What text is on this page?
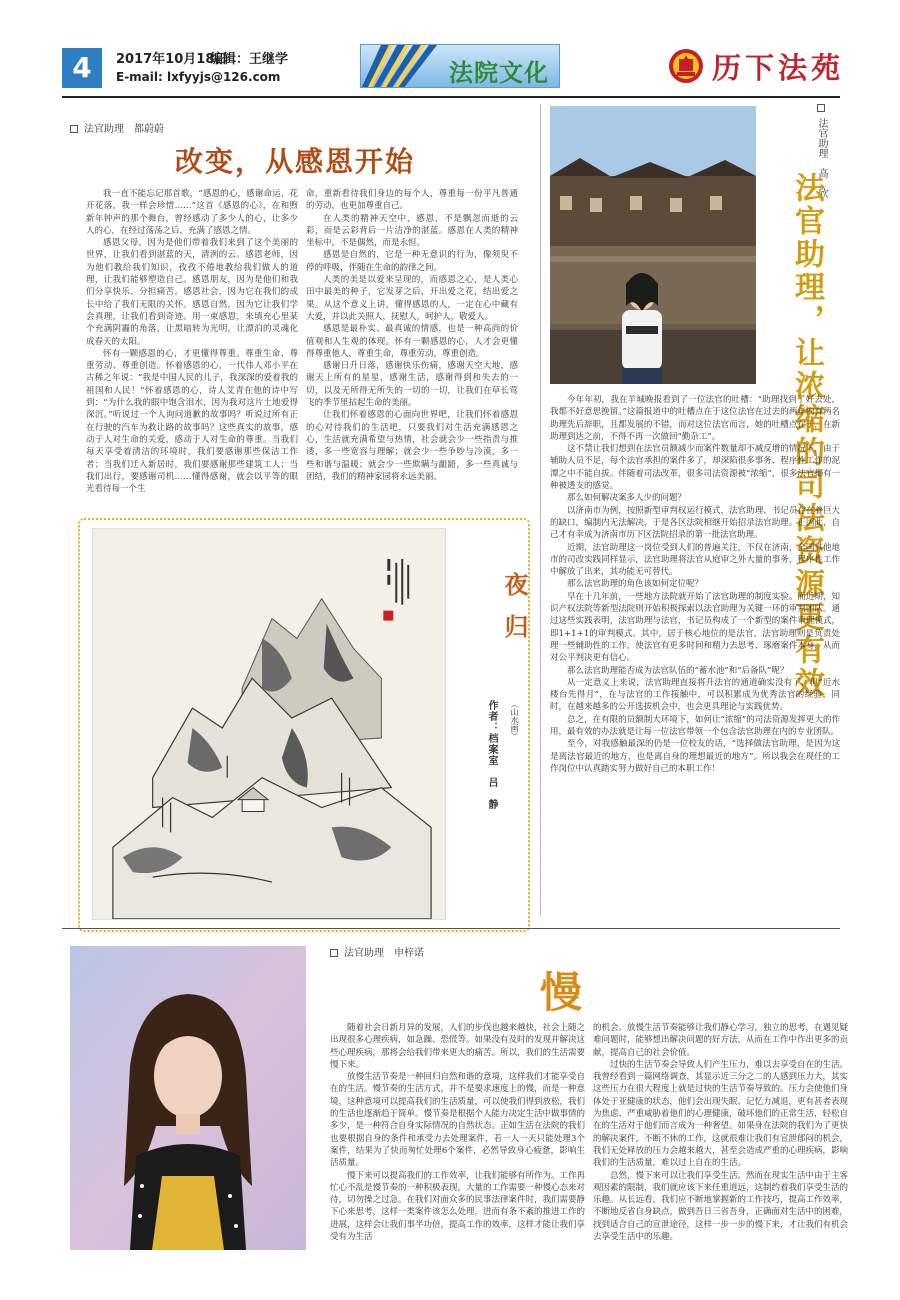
4	2017年10月18日
编辑：王继学
E-mail: lxfyyjs@126.com	法院文化	历下法苑
法官助理　都蔚蔚
改变，从感恩开始

我一直不能忘记那首歌，“感恩的心，感谢命运，花开花落，我一样会珍惜……”这首《感恩的心》，在和煦新年钟声的那个舞台，曾经感动了多少人的心，让多少人的心，在经过荡荡之后，充满了感恩之情。

感恩父母，因为是他们带着我们来到了这个美丽的世界，让我们看到湛蓝的天，清洌的云。感恩老师，因为他们教给我们知识，孜孜不倦地教给我们做人的道理，让我们能够塑造自己。感恩朋友，因为是他们和我们分享快乐、分担痛苦。感恩社会，因为它在我们的成长中给了我们无限的关怀。感恩自然，因为它让我们学会真理，让我们看到奇迹。用一束感恩，来填充心里某个充满阴霾的角落，让黑暗转为光明，让漂泊的灵魂化成春天的太阳。

怀有一颗感恩的心，才更懂得尊重。尊重生命、尊重劳动、尊重创造。怀着感恩的心，一代伟人邓小平在古稀之年说：“我是中国人民的儿子，我深深的爱着我的祖国和人民！”怀着感恩的心，诗人艾青在他的诗中写到：“为什么我的眼中饱含泪水，因为我对这片土地爱得深沉。”听说过一个人询问道歉的故事吗？听说过所有正在行驶的汽车为救让路的故事吗？这些真实的故事，感动于人对生命的关爱，感动于人对生命的尊重。当我们每天享受着清洁的环境时，我们要感谢那些保洁工作者；当我们迁入新居时，我们要感谢那些建筑工人；当我们出行，要感谢司机……懂得感谢，就会以平等的眼光看待每一个生

命，重新看待我们身边的每个人，尊重每一份平凡普通的劳动，也更加尊重自己。

在人类的精神天空中，感恩，不是飘忽而逝的云彩，而是云彩背后一片洁净的湛蓝。感恩在人类的精神坐标中，不是偶然，而是永恒。

感恩是自然的，它是一种无意识的行为，像须臾不停的呼吸，伴随在生命的韵律之间。

人类的美是以爱来呈现的，而感恩之心，是人类心田中最美的种子，它发芽之后，开出爱之花，结出爱之果。从这个意义上讲，懂得感恩的人，一定在心中藏有大爱，并以此关照人，抚慰人，呵护人，敬爱人。

感恩是最朴实、最真诚的情感，也是一种高尚的价值观和人生观的体现。怀有一颗感恩的心，人才会更懂得尊重他人，尊重生命，尊重劳动，尊重创造。

感谢日升日落，感谢快乐伤痛，感谢天空大地，感谢天上所有的星星，感谢生活，感谢得到和失去的一切，以及无所得无所失的一切的一切，让我们在草长莺飞的季节里拈起生命的美丽。

让我们怀着感恩的心面向世界吧，让我们怀着感恩的心对待我们的生活吧，只要我们对生活充满感恩之心，生活就充满希望与热情，社会就会少一些指责与推诿，多一些宽容与理解；就会少一些争吵与冷漠，多一些和谐与温暖；就会少一些欺瞒与龃龉，多一些真诚与团结，我们的精神家园将永远美丽。

夜归
（山水画）
作者：档案室　吕　静
法官助理　高　欣
法官助理，让浓缩的司法资源更有效

今年年初，我在羊城晚报看到了一位法官的吐槽：“助理找到了好去处，我都不好意思挽留。”这篇报道中的吐槽点在于这位法官在过去的两年内有两名助理先后辞职，且都发展的不错，而对这位法官而言，她的吐槽点在于，在新助理到达之前，不得不再一次做回“勤杂工”。

这不禁让我们想到在法官员额减少而案件数量却不减反增的情况下，由于辅助人员不足，每个法官承担的案件多了，却深陷很多事务、程序性工作的泥潭之中不能自拔。伴随着司法改革，很多司法资源被“浓缩”，很多法官都有一种被透支的感觉。

那么如何解决案多人少的问题？

以济南市为例，按照新型审判权运行模式，法官助理、书记员存在着巨大的缺口，编制内无法解决，于是各区法院相继开始招录法官助理。正因此，自己才有幸成为济南市历下区法院招录的第一批法官助理。

近期，法官助理这一岗位受到人们的普遍关注，不仅在济南，全国其他地市的司改实践同样显示，法官助理将法官从庭审之外大量的事务，程序性工作中解放了出来，其功能无可替代。

那么法官助理的角色该如何定位呢？

早在十几年前，一些地方法院就开始了法官助理的制度实验。而近期，知识产权法院等新型法院则开始积极探索以法官助理为关键一环的审判团队。通过这些实践表明，法官助理与法官，书记员构成了一个新型的案件审理模式，即1+1+1的审判模式。其中，居于核心地位的是法官，法官助理则是负责处理一些辅助性的工作，使法官有更多时间和精力去思考、琢磨案件本身，从而对公平判决更有信心。

那么法官助理能否成为法官队伍的“蓄水池”和“后备队”呢？

从一定意义上来说，法官助理直接将升法官的通道确实没有了，但“近水楼台先得月”，在与法官的工作接触中，可以积累成为优秀法官的经验，同时，在越来越多的公开选拔机会中，也会更具理论与实践优势。

总之，在有限的员额制大环境下，如何让“浓缩”的司法资源发挥更大的作用，最有效的办法就是让每一位法官带领一个包含法官助理在内的专业团队。

至今，对我感触最深的仍是一位校友的话，“选择做法官助理，是因为这是离法官最近的地方，也是离自身的理想最近的地方”。所以我会在现任的工作岗位中认真踏实努力做好自己的本职工作！

法官助理　申梓诺
慢

随着社会日新月异的发展，人们的步伐也越来越快，社会上随之出现很多心理疾病，如急躁、恐慌等。如果没有及时的发现并解决这些心理疾病，那将会给我们带来更大的痛苦。所以，我们的生活需要慢下来。

放慢生活节奏是一种回归自然和谐的意境，这样我们才能享受自在的生活。慢节奏的生活方式，并不是要求速度上的慢，而是一种意境，这种意境可以提高我们的生活质量，可以使我们得到放松，我们的生活也逐渐趋于简单。慢节奏是根据个人能力决定生活中做事情的多少，是一种符合自身实际情况的自然状态。正如生活在法院的我们也要根据自身的条件和承受力去处理案件，若一人一天只能处理3个案件，结果为了快而匆忙处理6个案件，必然导致身心疲惫，影响生活质量。

慢下来可以提高我们的工作效率，让我们能够有所作为。工作再忙心不乱是慢节奏的一种积极表现，大量的工作需要一种慢心态来对待，切勿操之过急。在我们对面众多的民事法律案件时，我们需要静下心来思考，这样一类案件该怎么处理，进而有条不紊的推进工作的进展，这样会让我们事半功倍，提高工作的效率，这样才能让我们享受有为生活

的机会。放慢生活节奏能够让我们静心学习，独立的思考，在遇见疑难问题时，能够想出解决问题的好方法，从而在工作中作出更多的贡献，提高自己的社会价值。

过快的生活节奏会导致人们产生压力，难以去享受自在的生活。我曾经看到一篇网络调查，其显示近三分之二的人感到压力大，其实这些压力在很大程度上就是过快的生活节奏导致的。压力会使他们身体处于亚健康的状态，他们会出现失眠、记忆力减退，更有甚者表现为焦虑、严重威胁着他们的心理健康，破坏他们的正常生活，轻松自在的生活对于他们而言成为一种奢望。如果身在法院的我们为了更快的解决案件，不断不休的工作，这就很难让我们有宣泄郁闷的机会，我们无处释放的压力会越来越大，甚至会造成严重的心理疾病，影响我们的生活质量，难以过上自在的生活。

总然，慢下来可以让我们享受生活。然而在现实生活中由于主客观因素的限制，我们就应该下来任重道远，这制约着我们享受生活的乐趣。从长远看，我们应不断地掌握新的工作技巧，提高工作效率，不断地反省自身缺点，做到吾日三省吾身，正确面对生活中的困难，找到适合自己的宣泄途径，这样一步一步的慢下来，才让我们有机会去享受生活中的乐趣。
